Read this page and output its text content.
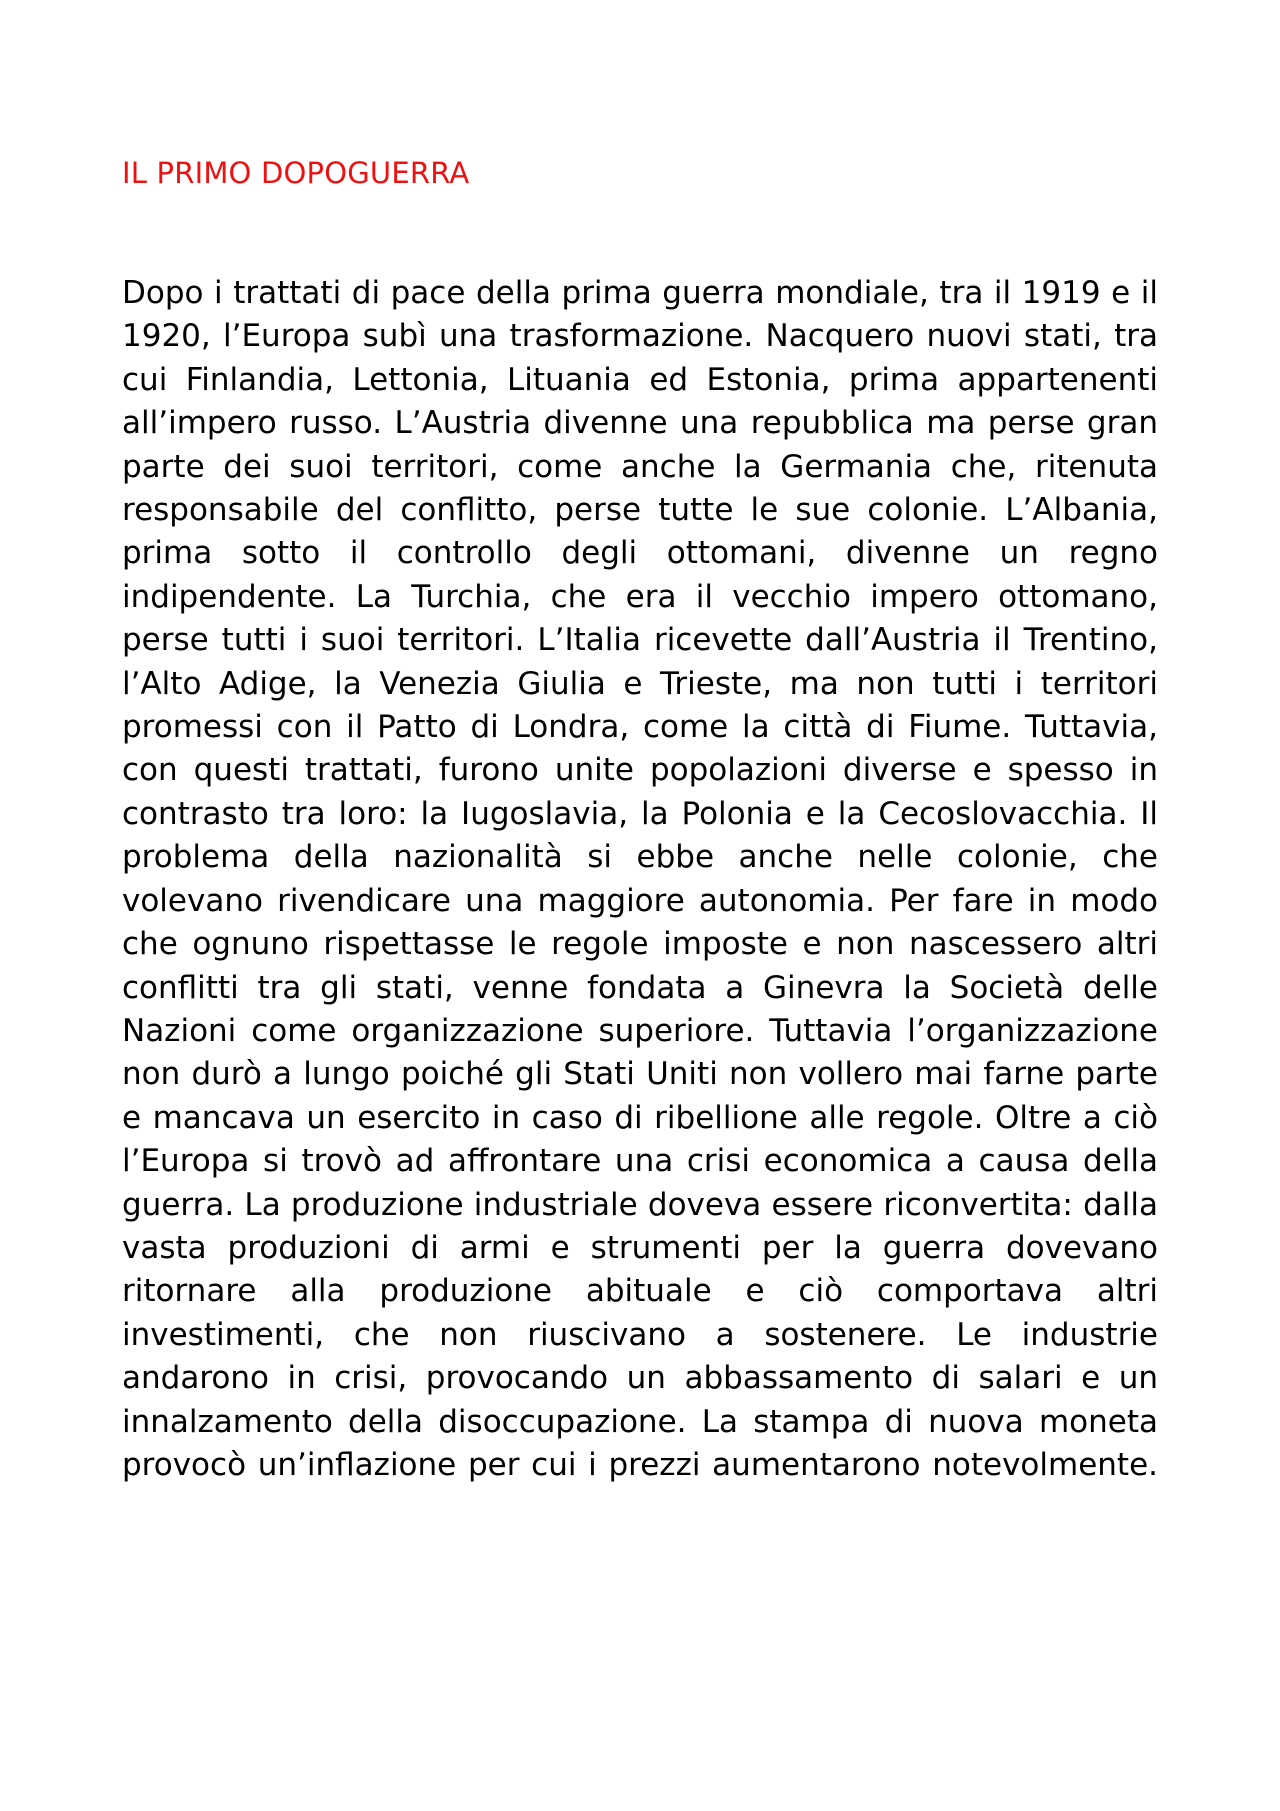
IL PRIMO DOPOGUERRA

Dopo i trattati di pace della prima guerra mondiale, tra il 1919 e il 1920, l’Europa subì una trasformazione. Nacquero nuovi stati, tra cui Finlandia, Lettonia, Lituania ed Estonia, prima appartenenti all’impero russo. L’Austria divenne una repubblica ma perse gran parte dei suoi territori, come anche la Germania che, ritenuta responsabile del conflitto, perse tutte le sue colonie. L’Albania, prima sotto il controllo degli ottomani, divenne un regno indipendente. La Turchia, che era il vecchio impero ottomano, perse tutti i suoi territori. L’Italia ricevette dall’Austria il Trentino, l’Alto Adige, la Venezia Giulia e Trieste, ma non tutti i territori promessi con il Patto di Londra, come la città di Fiume. Tuttavia, con questi trattati, furono unite popolazioni diverse e spesso in contrasto tra loro: la Iugoslavia, la Polonia e la Cecoslovacchia. Il problema della nazionalità si ebbe anche nelle colonie, che volevano rivendicare una maggiore autonomia. Per fare in modo che ognuno rispettasse le regole imposte e non nascessero altri conflitti tra gli stati, venne fondata a Ginevra la Società delle Nazioni come organizzazione superiore. Tuttavia l’organizzazione non durò a lungo poiché gli Stati Uniti non vollero mai farne parte e mancava un esercito in caso di ribellione alle regole. Oltre a ciò l’Europa si trovò ad affrontare una crisi economica a causa della guerra. La produzione industriale doveva essere riconvertita: dalla vasta produzioni di armi e strumenti per la guerra dovevano ritornare alla produzione abituale e ciò comportava altri investimenti, che non riuscivano a sostenere. Le industrie andarono in crisi, provocando un abbassamento di salari e un innalzamento della disoccupazione. La stampa di nuova moneta provocò un’inflazione per cui i prezzi aumentarono notevolmente.
